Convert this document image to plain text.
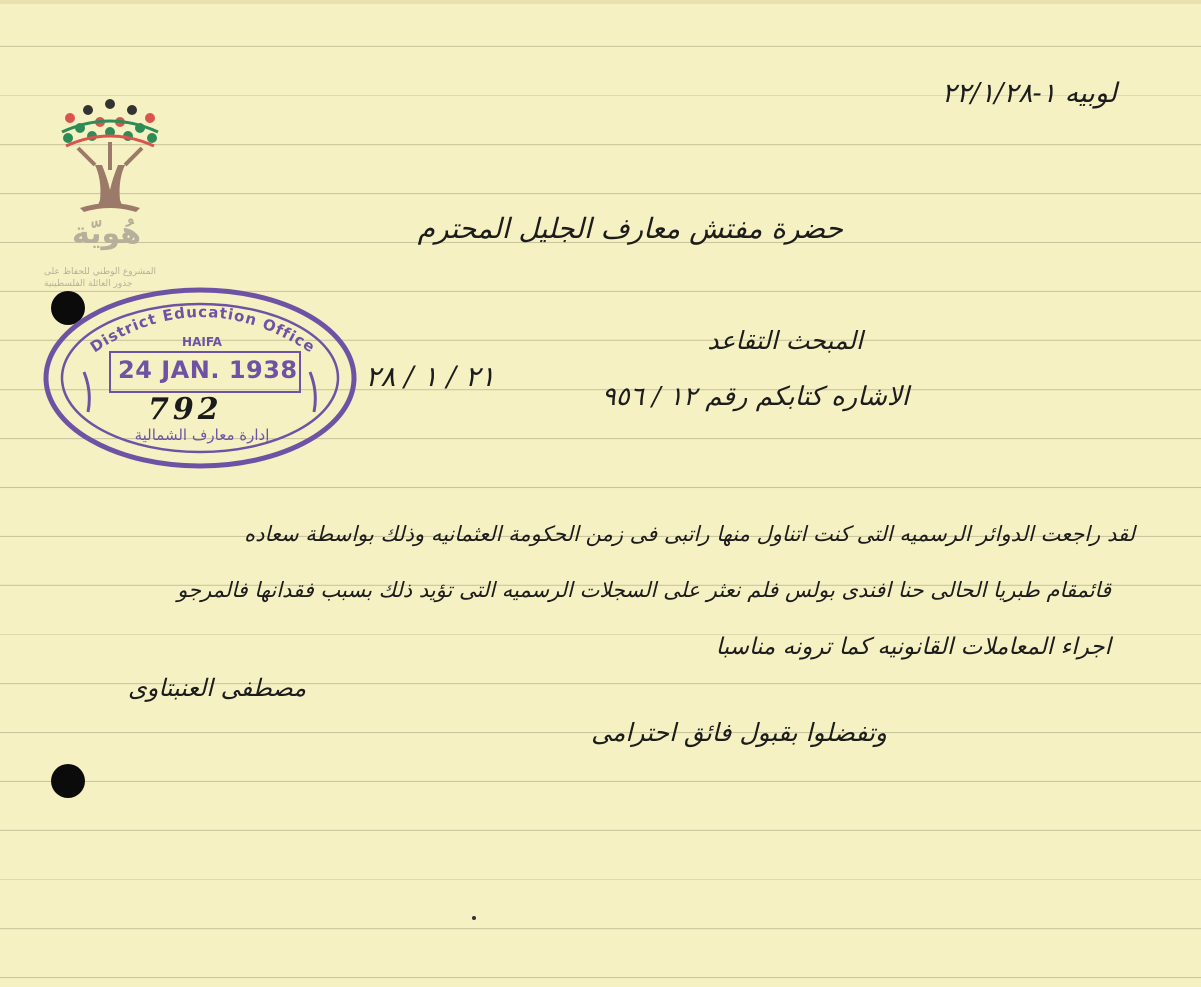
هُويّة
المشروع الوطني للحفاظ على
جذور العائلة الفلسطينية
لوبيه ١-٢٢/١/٢٨
حضرة مفتش معارف الجليل المحترم
المبحث التقاعد
الاشاره كتابكم رقم ١٢ / ٩٥٦
٢١ / ١ / ٢٨
District Education Office
HAIFA
إدارة معارف الشمالية
24 JAN. 1938
792
لقد راجعت الدوائر الرسميه التى كنت اتناول منها راتبى فى زمن الحكومة العثمانيه وذلك بواسطة سعاده
قائمقام طبريا الحالى حنا افندى بولس فلم نعثر على السجلات الرسميه التى تؤيد ذلك بسبب فقدانها فالمرجو
اجراء المعاملات القانونيه كما ترونه مناسبا
مصطفى العنبتاوى
وتفضلوا بقبول فائق احترامى
